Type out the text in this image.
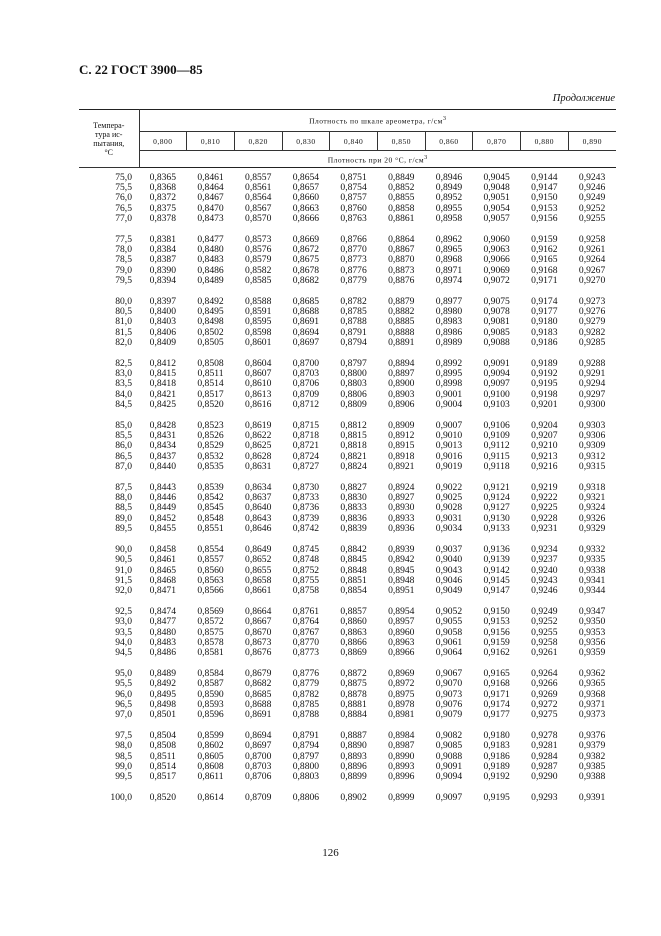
С. 22 ГОСТ 3900—85
Продолжение
Темпера-
тура ис-
пытания,
°С	Плотность по шкале ареометра, $г/см^3$
	0,800	0,810	0,820	0,830	0,840	0,850	0,860	0,870	0,880	0,890
	Плотность при 20 °С, $г/см^3$
75,0	0,8365	0,8461	0,8557	0,8654	0,8751	0,8849	0,8946	0,9045	0,9144	0,9243
75,5	0,8368	0,8464	0,8561	0,8657	0,8754	0,8852	0,8949	0,9048	0,9147	0,9246
76,0	0,8372	0,8467	0,8564	0,8660	0,8757	0,8855	0,8952	0,9051	0,9150	0,9249
76,5	0,8375	0,8470	0,8567	0,8663	0,8760	0,8858	0,8955	0,9054	0,9153	0,9252
77,0	0,8378	0,8473	0,8570	0,8666	0,8763	0,8861	0,8958	0,9057	0,9156	0,9255
77,5	0,8381	0,8477	0,8573	0,8669	0,8766	0,8864	0,8962	0,9060	0,9159	0,9258
78,0	0,8384	0,8480	0,8576	0,8672	0,8770	0,8867	0,8965	0,9063	0,9162	0,9261
78,5	0,8387	0,8483	0,8579	0,8675	0,8773	0,8870	0,8968	0,9066	0,9165	0,9264
79,0	0,8390	0,8486	0,8582	0,8678	0,8776	0,8873	0,8971	0,9069	0,9168	0,9267
79,5	0,8394	0,8489	0,8585	0,8682	0,8779	0,8876	0,8974	0,9072	0,9171	0,9270
80,0	0,8397	0,8492	0,8588	0,8685	0,8782	0,8879	0,8977	0,9075	0,9174	0,9273
80,5	0,8400	0,8495	0,8591	0,8688	0,8785	0,8882	0,8980	0,9078	0,9177	0,9276
81,0	0,8403	0,8498	0,8595	0,8691	0,8788	0,8885	0,8983	0,9081	0,9180	0,9279
81,5	0,8406	0,8502	0,8598	0,8694	0,8791	0,8888	0,8986	0,9085	0,9183	0,9282
82,0	0,8409	0,8505	0,8601	0,8697	0,8794	0,8891	0,8989	0,9088	0,9186	0,9285
82,5	0,8412	0,8508	0,8604	0,8700	0,8797	0,8894	0,8992	0,9091	0,9189	0,9288
83,0	0,8415	0,8511	0,8607	0,8703	0,8800	0,8897	0,8995	0,9094	0,9192	0,9291
83,5	0,8418	0,8514	0,8610	0,8706	0,8803	0,8900	0,8998	0,9097	0,9195	0,9294
84,0	0,8421	0,8517	0,8613	0,8709	0,8806	0,8903	0,9001	0,9100	0,9198	0,9297
84,5	0,8425	0,8520	0,8616	0,8712	0,8809	0,8906	0,9004	0,9103	0,9201	0,9300
85,0	0,8428	0,8523	0,8619	0,8715	0,8812	0,8909	0,9007	0,9106	0,9204	0,9303
85,5	0,8431	0,8526	0,8622	0,8718	0,8815	0,8912	0,9010	0,9109	0,9207	0,9306
86,0	0,8434	0,8529	0,8625	0,8721	0,8818	0,8915	0,9013	0,9112	0,9210	0,9309
86,5	0,8437	0,8532	0,8628	0,8724	0,8821	0,8918	0,9016	0,9115	0,9213	0,9312
87,0	0,8440	0,8535	0,8631	0,8727	0,8824	0,8921	0,9019	0,9118	0,9216	0,9315
87,5	0,8443	0,8539	0,8634	0,8730	0,8827	0,8924	0,9022	0,9121	0,9219	0,9318
88,0	0,8446	0,8542	0,8637	0,8733	0,8830	0,8927	0,9025	0,9124	0,9222	0,9321
88,5	0,8449	0,8545	0,8640	0,8736	0,8833	0,8930	0,9028	0,9127	0,9225	0,9324
89,0	0,8452	0,8548	0,8643	0,8739	0,8836	0,8933	0,9031	0,9130	0,9228	0,9326
89,5	0,8455	0,8551	0,8646	0,8742	0,8839	0,8936	0,9034	0,9133	0,9231	0,9329
90,0	0,8458	0,8554	0,8649	0,8745	0,8842	0,8939	0,9037	0,9136	0,9234	0,9332
90,5	0,8461	0,8557	0,8652	0,8748	0,8845	0,8942	0,9040	0,9139	0,9237	0,9335
91,0	0,8465	0,8560	0,8655	0,8752	0,8848	0,8945	0,9043	0,9142	0,9240	0,9338
91,5	0,8468	0,8563	0,8658	0,8755	0,8851	0,8948	0,9046	0,9145	0,9243	0,9341
92,0	0,8471	0,8566	0,8661	0,8758	0,8854	0,8951	0,9049	0,9147	0,9246	0,9344
92,5	0,8474	0,8569	0,8664	0,8761	0,8857	0,8954	0,9052	0,9150	0,9249	0,9347
93,0	0,8477	0,8572	0,8667	0,8764	0,8860	0,8957	0,9055	0,9153	0,9252	0,9350
93,5	0,8480	0,8575	0,8670	0,8767	0,8863	0,8960	0,9058	0,9156	0,9255	0,9353
94,0	0,8483	0,8578	0,8673	0,8770	0,8866	0,8963	0,9061	0,9159	0,9258	0,9356
94,5	0,8486	0,8581	0,8676	0,8773	0,8869	0,8966	0,9064	0,9162	0,9261	0,9359
95,0	0,8489	0,8584	0,8679	0,8776	0,8872	0,8969	0,9067	0,9165	0,9264	0,9362
95,5	0,8492	0,8587	0,8682	0,8779	0,8875	0,8972	0,9070	0,9168	0,9266	0,9365
96,0	0,8495	0,8590	0,8685	0,8782	0,8878	0,8975	0,9073	0,9171	0,9269	0,9368
96,5	0,8498	0,8593	0,8688	0,8785	0,8881	0,8978	0,9076	0,9174	0,9272	0,9371
97,0	0,8501	0,8596	0,8691	0,8788	0,8884	0,8981	0,9079	0,9177	0,9275	0,9373
97,5	0,8504	0,8599	0,8694	0,8791	0,8887	0,8984	0,9082	0,9180	0,9278	0,9376
98,0	0,8508	0,8602	0,8697	0,8794	0,8890	0,8987	0,9085	0,9183	0,9281	0,9379
98,5	0,8511	0,8605	0,8700	0,8797	0,8893	0,8990	0,9088	0,9186	0,9284	0,9382
99,0	0,8514	0,8608	0,8703	0,8800	0,8896	0,8993	0,9091	0,9189	0,9287	0,9385
99,5	0,8517	0,8611	0,8706	0,8803	0,8899	0,8996	0,9094	0,9192	0,9290	0,9388
100,0	0,8520	0,8614	0,8709	0,8806	0,8902	0,8999	0,9097	0,9195	0,9293	0,9391
126
